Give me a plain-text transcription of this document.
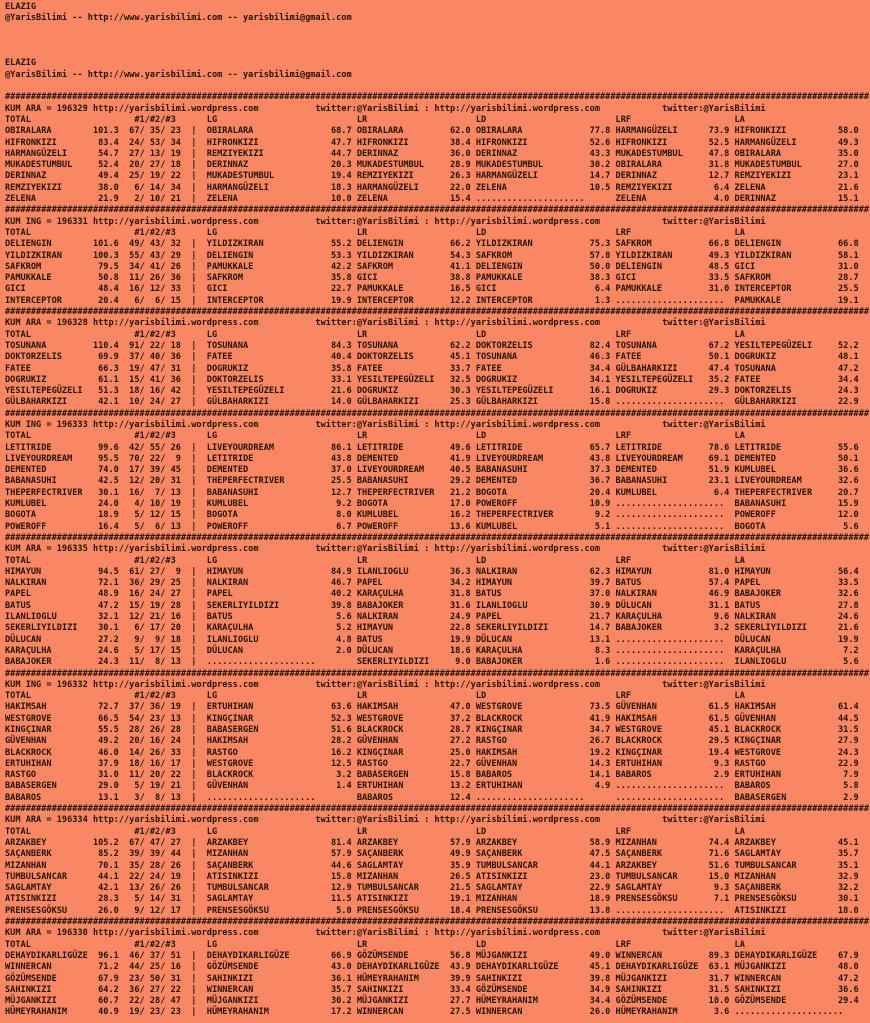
ELAZIG
@YarisBilimi -- http://www.yarisbilimi.com -- yarisbilimi@gmail.com
ELAZIG
@YarisBilimi -- http://www.yarisbilimi.com -- yarisbilimi@gmail.com
#######################################################################################################################################################################
KUM ARA = 196329 http://yarisbilimi.wordpress.com           twitter:@YarisBilimi : http://yarisbilimi.wordpress.com            twitter:@YarisBilimi
TOTAL                    #1/#2/#3      LG                           LR                     LD                         LRF                    LA
OBIRALARA        101.3  67/ 35/ 23  |  OBIRALARA               68.7 OBIRALARA         62.0 OBIRALARA             77.8 HARMANGÜZELI      73.9 HIFRONKIZI          58.0
HIFRONKIZI        83.4  24/ 53/ 34  |  HIFRONKIZI              47.7 HIFRONKIZI        38.4 HIFRONKIZI            52.6 HIFRONKIZI        52.5 HARMANGÜZELI        49.3
HARMANGÜZELI      54.7  27/ 13/ 19  |  REMZIYEKIZI             44.7 DERINNAZ          36.0 DERINNAZ              43.3 MUKADESTUMBUL     47.8 OBIRALARA           35.0
MUKADESTUMBUL     52.4  20/ 27/ 18  |  DERINNAZ                20.3 MUKADESTUMBUL     28.9 MUKADESTUMBUL         30.2 OBIRALARA         31.8 MUKADESTUMBUL       27.0
DERINNAZ          49.4  25/ 19/ 22  |  MUKADESTUMBUL           19.4 REMZIYEKIZI       26.3 HARMANGÜZELI          14.7 DERINNAZ          12.7 REMZIYEKIZI         23.1
REMZIYEKIZI       38.0   6/ 14/ 34  |  HARMANGÜZELI            18.3 HARMANGÜZELI      22.0 ZELENA                10.5 REMZIYEKIZI        6.4 ZELENA              21.6
ZELENA            21.9   2/ 10/ 21  |  ZELENA                  10.0 ZELENA            15.4 .....................      ZELENA             4.0 DERINNAZ            15.1
#######################################################################################################################################################################
KUM ING = 196331 http://yarisbilimi.wordpress.com           twitter:@YarisBilimi : http://yarisbilimi.wordpress.com            twitter:@YarisBilimi
TOTAL                    #1/#2/#3      LG                           LR                     LD                         LRF                    LA
DELIENGIN        101.6  49/ 43/ 32  |  YILDIZKIRAN             55.2 DELIENGIN         66.2 YILDIZKIRAN           75.3 SAFKROM           66.8 DELIENGIN           66.8
YILDIZKIRAN      100.3  55/ 43/ 29  |  DELIENGIN               53.3 YILDIZKIRAN       54.3 SAFKROM               57.8 YILDIZKIRAN       49.3 YILDIZKIRAN         58.1
SAFKROM           79.5  34/ 41/ 26  |  PAMUKKALE               42.2 SAFKROM           41.1 DELIENGIN             50.0 DELIENGIN         48.5 GICI                31.0
PAMUKKALE         50.8  11/ 26/ 36  |  SAFKROM                 35.8 GICI              38.8 PAMUKKALE             38.3 GICI              33.5 SAFKROM             28.7
GICI              48.4  16/ 12/ 33  |  GICI                    22.7 PAMUKKALE         16.5 GICI                   6.4 PAMUKKALE         31.0 INTERCEPTOR         25.5
INTERCEPTOR       20.4   6/  6/ 15  |  INTERCEPTOR             19.9 INTERCEPTOR       12.2 INTERCEPTOR            1.3 .....................  PAMUKKALE           19.1
#######################################################################################################################################################################
KUM ARA = 196328 http://yarisbilimi.wordpress.com           twitter:@YarisBilimi : http://yarisbilimi.wordpress.com            twitter:@YarisBilimi
TOTAL                    #1/#2/#3      LG                           LR                     LD                         LRF                    LA
TOSUNANA         110.4  91/ 22/ 18  |  TOSUNANA                84.3 TOSUNANA          62.2 DOKTORZELIS           82.4 TOSUNANA          67.2 YESILTEPEGÜZELI     52.2
DOKTORZELIS       69.9  37/ 40/ 36  |  FATEE                   40.4 DOKTORZELIS       45.1 TOSUNANA              46.3 FATEE             50.1 DOGRUKIZ            48.1
FATEE             66.3  19/ 47/ 31  |  DOGRUKIZ                35.8 FATEE             33.7 FATEE                 34.4 GÜLBAHARKIZI      47.4 TOSUNANA            47.2
DOGRUKIZ          61.1  15/ 41/ 36  |  DOKTORZELIS             33.1 YESILTEPEGÜZELI   32.5 DOGRUKIZ              34.1 YESILTEPEGÜZELI   35.2 FATEE               34.4
YESILTEPEGÜZELI   51.3  18/ 16/ 42  |  YESILTEPEGÜZELI         21.6 DOGRUKIZ          30.3 YESILTEPEGÜZELI       16.1 DOGRUKIZ          29.3 DOKTORZELIS         24.3
GÜLBAHARKIZI      42.1  10/ 24/ 27  |  GÜLBAHARKIZI            14.0 GÜLBAHARKIZI      25.3 GÜLBAHARKIZI          15.8 .....................  GÜLBAHARKIZI        22.9
#######################################################################################################################################################################
KUM ING = 196333 http://yarisbilimi.wordpress.com           twitter:@YarisBilimi : http://yarisbilimi.wordpress.com            twitter:@YarisBilimi
TOTAL                    #1/#2/#3      LG                           LR                     LD                         LRF                    LA
LETITRIDE         99.6  42/ 55/ 26  |  LIVEYOURDREAM           86.1 LETITRIDE         49.6 LETITRIDE             65.7 LETITRIDE         78.6 LETITRIDE           55.6
LIVEYOURDREAM     95.5  70/ 22/  9  |  LETITRIDE               43.8 DEMENTED          41.9 LIVEYOURDREAM         43.8 LIVEYOURDREAM     69.1 DEMENTED            50.1
DEMENTED          74.0  17/ 39/ 45  |  DEMENTED                37.0 LIVEYOURDREAM     40.5 BABANASUHI            37.3 DEMENTED          51.9 KUMLUBEL            36.6
BABANASUHI        42.5  12/ 20/ 31  |  THEPERFECTRIVER         25.5 BABANASUHI        29.2 DEMENTED              36.7 BABANASUHI        23.1 LIVEYOURDREAM       32.6
THEPERFECTRIVER   30.1  16/  7/ 13  |  BABANASUHI              12.7 THEPERFECTRIVER   21.2 BOGOTA                20.4 KUMLUBEL           6.4 THEPERFECTRIVER     20.7
KUMLUBEL          24.0   4/ 10/ 19  |  KUMLUBEL                 9.2 BOGOTA            17.0 POWEROFF              10.9 .....................  BABANASUHI          15.9
BOGOTA            18.9   5/ 12/ 15  |  BOGOTA                   8.0 KUMLUBEL          16.2 THEPERFECTRIVER        9.2 .....................  POWEROFF            12.0
POWEROFF          16.4   5/  6/ 13  |  POWEROFF                 6.7 POWEROFF          13.6 KUMLUBEL               5.1 .....................  BOGOTA               5.6
#######################################################################################################################################################################
KUM ARA = 196335 http://yarisbilimi.wordpress.com           twitter:@YarisBilimi : http://yarisbilimi.wordpress.com            twitter:@YarisBilimi
TOTAL                    #1/#2/#3      LG                           LR                     LD                         LRF                    LA
HIMAYUN           94.5  61/ 27/  9  |  HIMAYUN                 84.9 ILANLIOGLU        36.3 NALKIRAN              62.3 HIMAYUN           81.0 HIMAYUN             56.4
NALKIRAN          72.1  36/ 29/ 25  |  NALKIRAN                46.7 PAPEL             34.2 HIMAYUN               39.7 BATUS             57.4 PAPEL               33.5
PAPEL             48.9  16/ 24/ 27  |  PAPEL                   40.2 KARAÇULHA         31.8 BATUS                 37.0 NALKIRAN          46.9 BABAJOKER           32.6
BATUS             47.2  15/ 19/ 28  |  SEKERLIYILDIZI          39.8 BABAJOKER         31.6 ILANLIOGLU            30.9 DÜLUCAN           31.1 BATUS               27.8
ILANLIOGLU        32.1  12/ 21/ 16  |  BATUS                    5.6 NALKIRAN          24.9 PAPEL                 21.7 KARAÇULHA          9.6 NALKIRAN            24.6
SEKERLIYILDIZI    30.1   6/ 17/ 20  |  KARAÇULHA                5.2 HIMAYUN           22.8 SEKERLIYILDIZI        14.7 BABAJOKER          3.2 SEKERLIYILDIZI      21.6
DÜLUCAN           27.2   9/  9/ 18  |  ILANLIOGLU               4.8 BATUS             19.9 DÜLUCAN               13.1 .....................  DÜLUCAN             19.9
KARAÇULHA         24.6   5/ 17/ 15  |  DÜLUCAN                  2.0 DÜLUCAN           18.6 KARAÇULHA              8.3 .....................  KARAÇULHA            7.2
BABAJOKER         24.3  11/  8/ 13  |  .....................        SEKERLIYILDIZI     9.0 BABAJOKER              1.6 .....................  ILANLIOGLU           5.6
#######################################################################################################################################################################
KUM ING = 196332 http://yarisbilimi.wordpress.com           twitter:@YarisBilimi : http://yarisbilimi.wordpress.com            twitter:@YarisBilimi
TOTAL                    #1/#2/#3      LG                           LR                     LD                         LRF                    LA
HAKIMSAH          72.7  37/ 36/ 19  |  ERTUHIHAN               63.6 HAKIMSAH          47.0 WESTGROVE             73.5 GÜVENHAN          61.5 HAKIMSAH            61.4
WESTGROVE         66.5  54/ 23/ 13  |  KINGÇINAR               52.3 WESTGROVE         37.2 BLACKROCK             41.9 HAKIMSAH          61.5 GÜVENHAN            44.5
KINGÇINAR         55.5  28/ 26/ 28  |  BABASERGEN              51.6 BLACKROCK         28.7 KINGÇINAR             34.7 WESTGROVE         45.1 BLACKROCK           31.5
GÜVENHAN          49.2  20/ 16/ 24  |  HAKIMSAH                28.2 GÜVENHAN          27.2 RASTGO                26.7 BLACKROCK         29.5 KINGÇINAR           27.9
BLACKROCK         46.0  14/ 26/ 33  |  RASTGO                  16.2 KINGÇINAR         25.0 HAKIMSAH              19.2 KINGÇINAR         19.4 WESTGROVE           24.3
ERTUHIHAN         37.9  18/ 16/ 17  |  WESTGROVE               12.5 RASTGO            22.7 GÜVENHAN              14.3 ERTUHIHAN          9.3 RASTGO              22.9
RASTGO            31.0  11/ 20/ 22  |  BLACKROCK                3.2 BABASERGEN        15.8 BABAROS               14.1 BABAROS            2.9 ERTUHIHAN            7.9
BABASERGEN        29.0   5/ 19/ 21  |  GÜVENHAN                 1.4 ERTUHIHAN         13.2 ERTUHIHAN              4.9 .....................  BABAROS              5.8
BABAROS           13.1   3/  8/ 13  |  .....................        BABAROS           12.4 .....................      .....................  BABASERGEN           2.9
#######################################################################################################################################################################
KUM ARA = 196334 http://yarisbilimi.wordpress.com           twitter:@YarisBilimi : http://yarisbilimi.wordpress.com            twitter:@YarisBilimi
TOTAL                    #1/#2/#3      LG                           LR                     LD                         LRF                    LA
ARZAKBEY         105.2  67/ 47/ 27  |  ARZAKBEY                81.4 ARZAKBEY          57.9 ARZAKBEY              58.9 MIZANHAN          74.4 ARZAKBEY            45.1
SAÇANBERK         85.2  39/ 39/ 44  |  MIZANHAN                57.9 SAÇANBERK         49.9 SAÇANBERK             47.5 SAÇANBERK         71.6 SAGLAMTAY           35.7
MIZANHAN          70.1  35/ 28/ 26  |  SAÇANBERK               44.6 SAGLAMTAY         35.9 TUMBULSANCAR          44.1 ARZAKBEY          51.6 TUMBULSANCAR        35.1
TUMBULSANCAR      44.1  22/ 24/ 19  |  ATISINKIZI              15.8 MIZANHAN          26.5 ATISINKIZI            23.0 TUMBULSANCAR      15.0 MIZANHAN            32.9
SAGLAMTAY         42.1  13/ 26/ 26  |  TUMBULSANCAR            12.9 TUMBULSANCAR      21.5 SAGLAMTAY             22.9 SAGLAMTAY          9.3 SAÇANBERK           32.2
ATISINKIZI        28.3   5/ 14/ 31  |  SAGLAMTAY               11.5 ATISINKIZI        19.1 MIZANHAN              18.9 PRENSESGÖKSU       7.1 PRENSESGÖKSU        30.1
PRENSESGÖKSU      26.0   9/ 12/ 17  |  PRENSESGÖKSU             5.0 PRENSESGÖKSU      18.4 PRENSESGÖKSU          13.8 .....................  ATISINKIZI          18.0
#######################################################################################################################################################################
KUM ARA = 196330 http://yarisbilimi.wordpress.com           twitter:@YarisBilimi : http://yarisbilimi.wordpress.com            twitter:@YarisBilimi
TOTAL                    #1/#2/#3      LG                           LR                     LD                         LRF                    LA
DEHAYDIKARLIGÜZE  96.1  46/ 37/ 51  |  DEHAYDIKARLIGÜZE        66.9 GÖZÜMSENDE        56.8 MÜJGANKIZI            49.0 WINNERCAN         89.3 DEHAYDIKARLIGÜZE    67.9
WINNERCAN         71.2  44/ 25/ 16  |  GÖZÜMSENDE              43.0 DEHAYDIKARLIGÜZE  43.9 DEHAYDIKARLIGÜZE      45.1 DEHAYDIKARLIGÜZE  63.1 MÜJGANKIZI          48.0
GÖZÜMSENDE        67.9  23/ 50/ 31  |  SAHINKIZI               36.1 HÜMEYRAHANIM      39.9 SAHINKIZI             39.8 MÜJGANKIZI        31.7 WINNERCAN           47.2
SAHINKIZI         64.2  36/ 27/ 22  |  WINNERCAN               35.7 SAHINKIZI         33.4 GÖZÜMSENDE            34.9 SAHINKIZI         31.5 SAHINKIZI           36.6
MÜJGANKIZI        60.7  22/ 28/ 47  |  MÜJGANKIZI              30.2 MÜJGANKIZI        27.7 HÜMEYRAHANIM          34.4 GÖZÜMSENDE        10.0 GÖZÜMSENDE          29.4
HÜMEYRAHANIM      40.9  19/ 23/ 23  |  HÜMEYRAHANIM            17.2 WINNERCAN         27.5 WINNERCAN             26.0 HÜMEYRAHANIM       3.6 .....................
